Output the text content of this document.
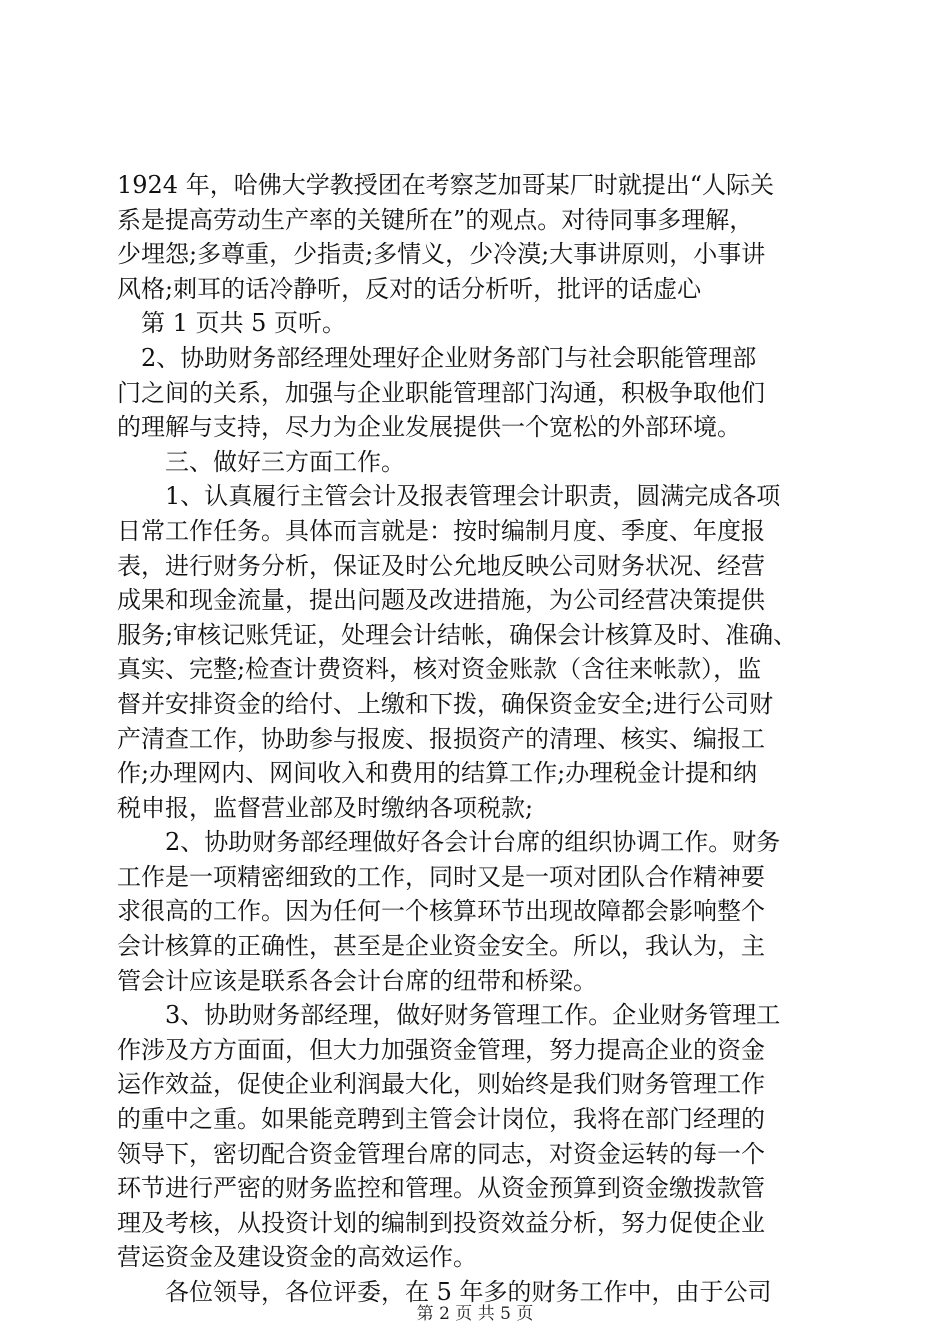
1924 年，哈佛大学教授团在考察芝加哥某厂时就提出“人际关
系是提高劳动生产率的关键所在”的观点。对待同事多理解，
少埋怨;多尊重，少指责;多情义，少冷漠;大事讲原则，小事讲
风格;刺耳的话冷静听，反对的话分析听，批评的话虚心
　第 1 页共 5 页听。
　2、协助财务部经理处理好企业财务部门与社会职能管理部
门之间的关系，加强与企业职能管理部门沟通，积极争取他们
的理解与支持，尽力为企业发展提供一个宽松的外部环境。
　　三、做好三方面工作。
　　1、认真履行主管会计及报表管理会计职责，圆满完成各项
日常工作任务。具体而言就是：按时编制月度、季度、年度报
表，进行财务分析，保证及时公允地反映公司财务状况、经营
成果和现金流量，提出问题及改进措施，为公司经营决策提供
服务;审核记账凭证，处理会计结帐，确保会计核算及时、准确、
真实、完整;检查计费资料，核对资金账款（含往来帐款），监
督并安排资金的给付、上缴和下拨，确保资金安全;进行公司财
产清查工作，协助参与报废、报损资产的清理、核实、编报工
作;办理网内、网间收入和费用的结算工作;办理税金计提和纳
税申报，监督营业部及时缴纳各项税款;
　　2、协助财务部经理做好各会计台席的组织协调工作。财务
工作是一项精密细致的工作，同时又是一项对团队合作精神要
求很高的工作。因为任何一个核算环节出现故障都会影响整个
会计核算的正确性，甚至是企业资金安全。所以，我认为，主
管会计应该是联系各会计台席的纽带和桥梁。
　　3、协助财务部经理，做好财务管理工作。企业财务管理工
作涉及方方面面，但大力加强资金管理，努力提高企业的资金
运作效益，促使企业利润最大化，则始终是我们财务管理工作
的重中之重。如果能竞聘到主管会计岗位，我将在部门经理的
领导下，密切配合资金管理台席的同志，对资金运转的每一个
环节进行严密的财务监控和管理。从资金预算到资金缴拨款管
理及考核，从投资计划的编制到投资效益分析，努力促使企业
营运资金及建设资金的高效运作。
　　各位领导，各位评委，在 5 年多的财务工作中，由于公司
第 2 页 共 5 页
